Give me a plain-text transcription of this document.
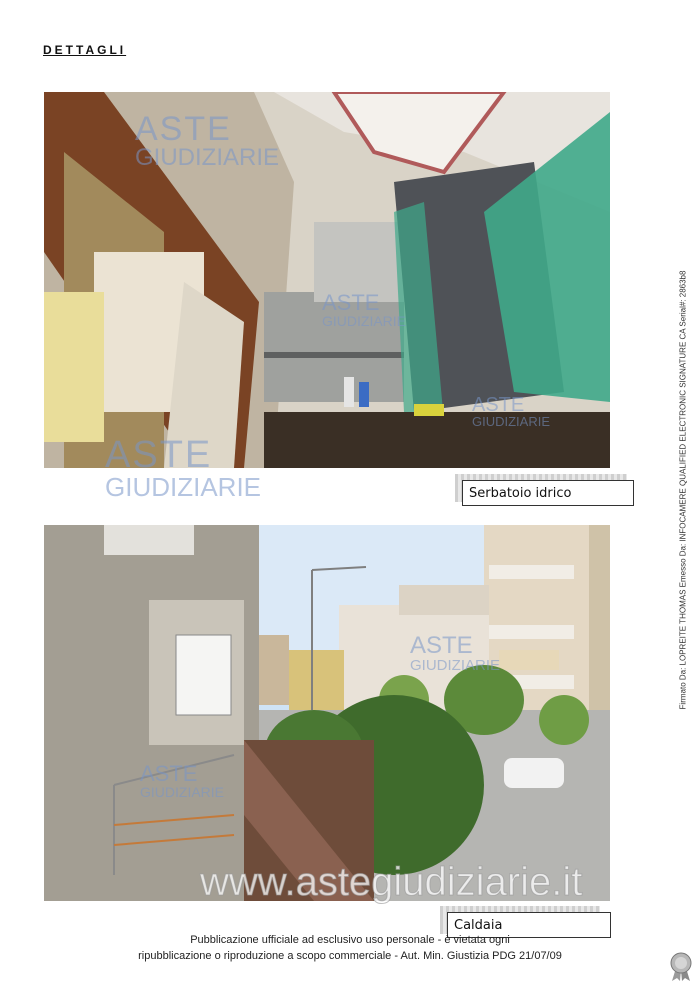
DETTAGLI
ASTE
GIUDIZIARIE
ASTE
GIUDIZIARIE
ASTE
GIUDIZIARIE
ASTE
GIUDIZIARIE
ASTE
GIUDIZIARIE
ASTE
GIUDIZIARIE
www.astegiudiziarie.it
Serbatoio idrico
Caldaia
Pubblicazione ufficiale ad esclusivo uso personale - è vietata ogni
ripubblicazione o riproduzione a scopo commerciale - Aut. Min. Giustizia PDG 21/07/09
Firmato Da: LOPREITE THOMAS Emesso Da: INFOCAMERE QUALIFIED ELECTRONIC SIGNATURE CA Serial#: 2863b8
